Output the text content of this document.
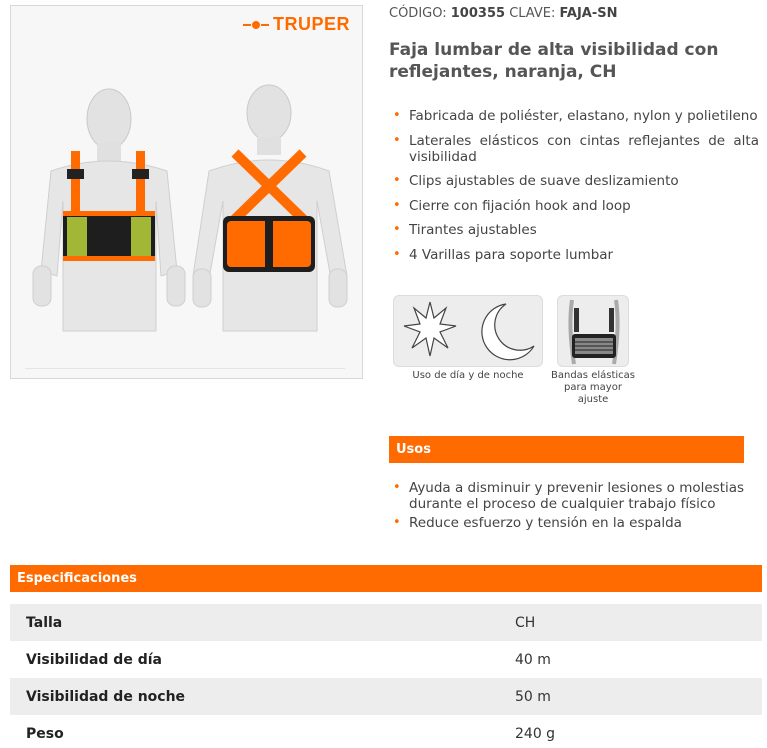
TRUPER
CÓDIGO: 100355 CLAVE: FAJA-SN
Faja lumbar de alta visibilidad con reflejantes, naranja, CH
• Fabricada de poliéster, elastano, nylon y polietileno
• Laterales elásticos con cintas reflejantes de alta visibilidad
• Clips ajustables de suave deslizamiento
• Cierre con fijación hook and loop
• Tirantes ajustables
• 4 Varillas para soporte lumbar
Uso de día y de noche	Bandas elásticas para mayor ajuste
Usos
• Ayuda a disminuir y prevenir lesiones o molestias durante el proceso de cualquier trabajo físico
• Reduce esfuerzo y tensión en la espalda
Especificaciones
Talla	CH
Visibilidad de día	40 m
Visibilidad de noche	50 m
Peso	240 g
